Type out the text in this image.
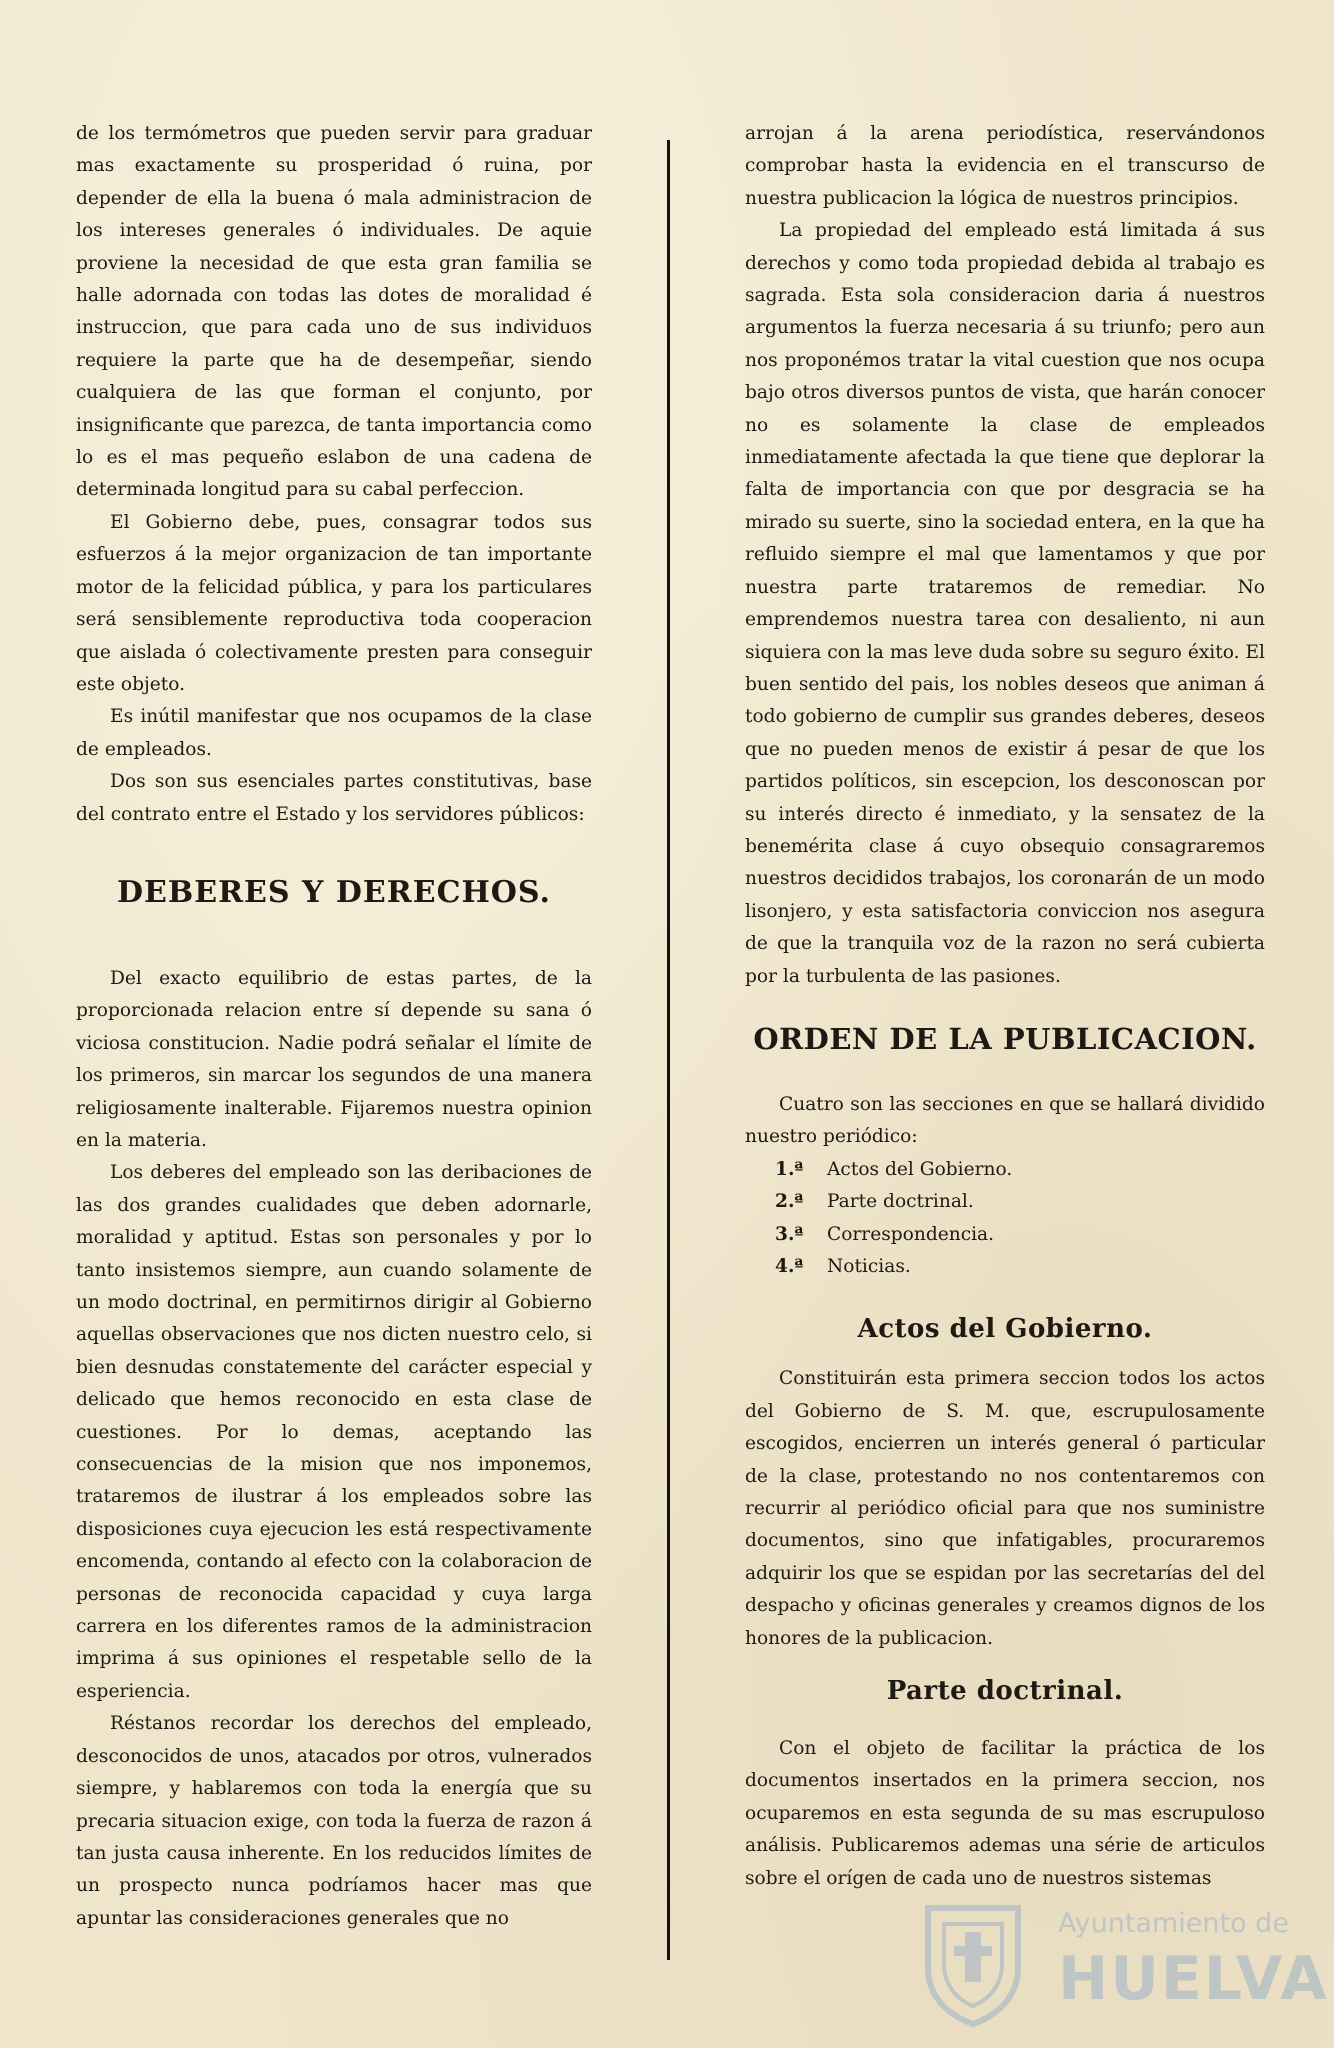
de los termómetros que pueden servir para graduar mas exactamente su prosperidad ó ruina, por depender de ella la buena ó mala administracion de los intereses generales ó individuales. De aquie proviene la necesidad de que esta gran familia se halle adornada con todas las dotes de moralidad é instruccion, que para cada uno de sus individuos requiere la parte que ha de desempeñar, siendo cualquiera de las que forman el conjunto, por insignificante que parezca, de tanta importancia como lo es el mas pequeño eslabon de una cadena de determinada longitud para su cabal perfeccion.

El Gobierno debe, pues, consagrar todos sus esfuerzos á la mejor organizacion de tan importante motor de la felicidad pública, y para los particulares será sensiblemente reproductiva toda cooperacion que aislada ó colectivamente presten para conseguir este objeto.

Es inútil manifestar que nos ocupamos de la clase de empleados.

Dos son sus esenciales partes constitutivas, base del contrato entre el Estado y los servidores públicos:

DEBERES Y DERECHOS.

Del exacto equilibrio de estas partes, de la proporcionada relacion entre sí depende su sana ó viciosa constitucion. Nadie podrá señalar el límite de los primeros, sin marcar los segundos de una manera religiosamente inalterable. Fijaremos nuestra opinion en la materia.

Los deberes del empleado son las deribaciones de las dos grandes cualidades que deben adornarle, moralidad y aptitud. Estas son personales y por lo tanto insistemos siempre, aun cuando solamente de un modo doctrinal, en permitirnos dirigir al Gobierno aquellas observaciones que nos dicten nuestro celo, si bien desnudas constatemente del carácter especial y delicado que hemos reconocido en esta clase de cuestiones. Por lo demas, aceptando las consecuencias de la mision que nos imponemos, trataremos de ilustrar á los empleados sobre las disposiciones cuya ejecucion les está respectivamente encomenda, contando al efecto con la colaboracion de personas de reconocida capacidad y cuya larga carrera en los diferentes ramos de la administracion imprima á sus opiniones el respetable sello de la esperiencia.

Réstanos recordar los derechos del empleado, desconocidos de unos, atacados por otros, vulnerados siempre, y hablaremos con toda la energía que su precaria situacion exige, con toda la fuerza de razon á tan justa causa inherente. En los reducidos límites de un prospecto nunca podríamos hacer mas que apuntar las consideraciones generales que no

arrojan á la arena periodística, reservándonos comprobar hasta la evidencia en el transcurso de nuestra publicacion la lógica de nuestros principios.

La propiedad del empleado está limitada á sus derechos y como toda propiedad debida al trabajo es sagrada. Esta sola consideracion daria á nuestros argumentos la fuerza necesaria á su triunfo; pero aun nos proponémos tratar la vital cuestion que nos ocupa bajo otros diversos puntos de vista, que harán conocer no es solamente la clase de empleados inmediatamente afectada la que tiene que deplorar la falta de importancia con que por desgracia se ha mirado su suerte, sino la sociedad entera, en la que ha refluido siempre el mal que lamentamos y que por nuestra parte trataremos de remediar. No emprendemos nuestra tarea con desaliento, ni aun siquiera con la mas leve duda sobre su seguro éxito. El buen sentido del pais, los nobles deseos que animan á todo gobierno de cumplir sus grandes deberes, deseos que no pueden menos de existir á pesar de que los partidos políticos, sin escepcion, los desconoscan por su interés directo é inmediato, y la sensatez de la benemérita clase á cuyo obsequio consagraremos nuestros decididos trabajos, los coronarán de un modo lisonjero, y esta satisfactoria conviccion nos asegura de que la tranquila voz de la razon no será cubierta por la turbulenta de las pasiones.

ORDEN DE LA PUBLICACION.

Cuatro son las secciones en que se hallará dividido nuestro periódico:

1.ª Actos del Gobierno.
2.ª Parte doctrinal.
3.ª Correspondencia.
4.ª Noticias.
Actos del Gobierno.

Constituirán esta primera seccion todos los actos del Gobierno de S. M. que, escrupulosamente escogidos, encierren un interés general ó particular de la clase, protestando no nos contentaremos con recurrir al periódico oficial para que nos suministre documentos, sino que infatigables, procuraremos adquirir los que se espidan por las secretarías del del despacho y oficinas generales y creamos dignos de los honores de la publicacion.

Parte doctrinal.

Con el objeto de facilitar la práctica de los documentos insertados en la primera seccion, nos ocuparemos en esta segunda de su mas escrupuloso análisis. Publicaremos ademas una série de articulos sobre el orígen de cada uno de nuestros sistemas

Ayuntamiento de
HUELVA
